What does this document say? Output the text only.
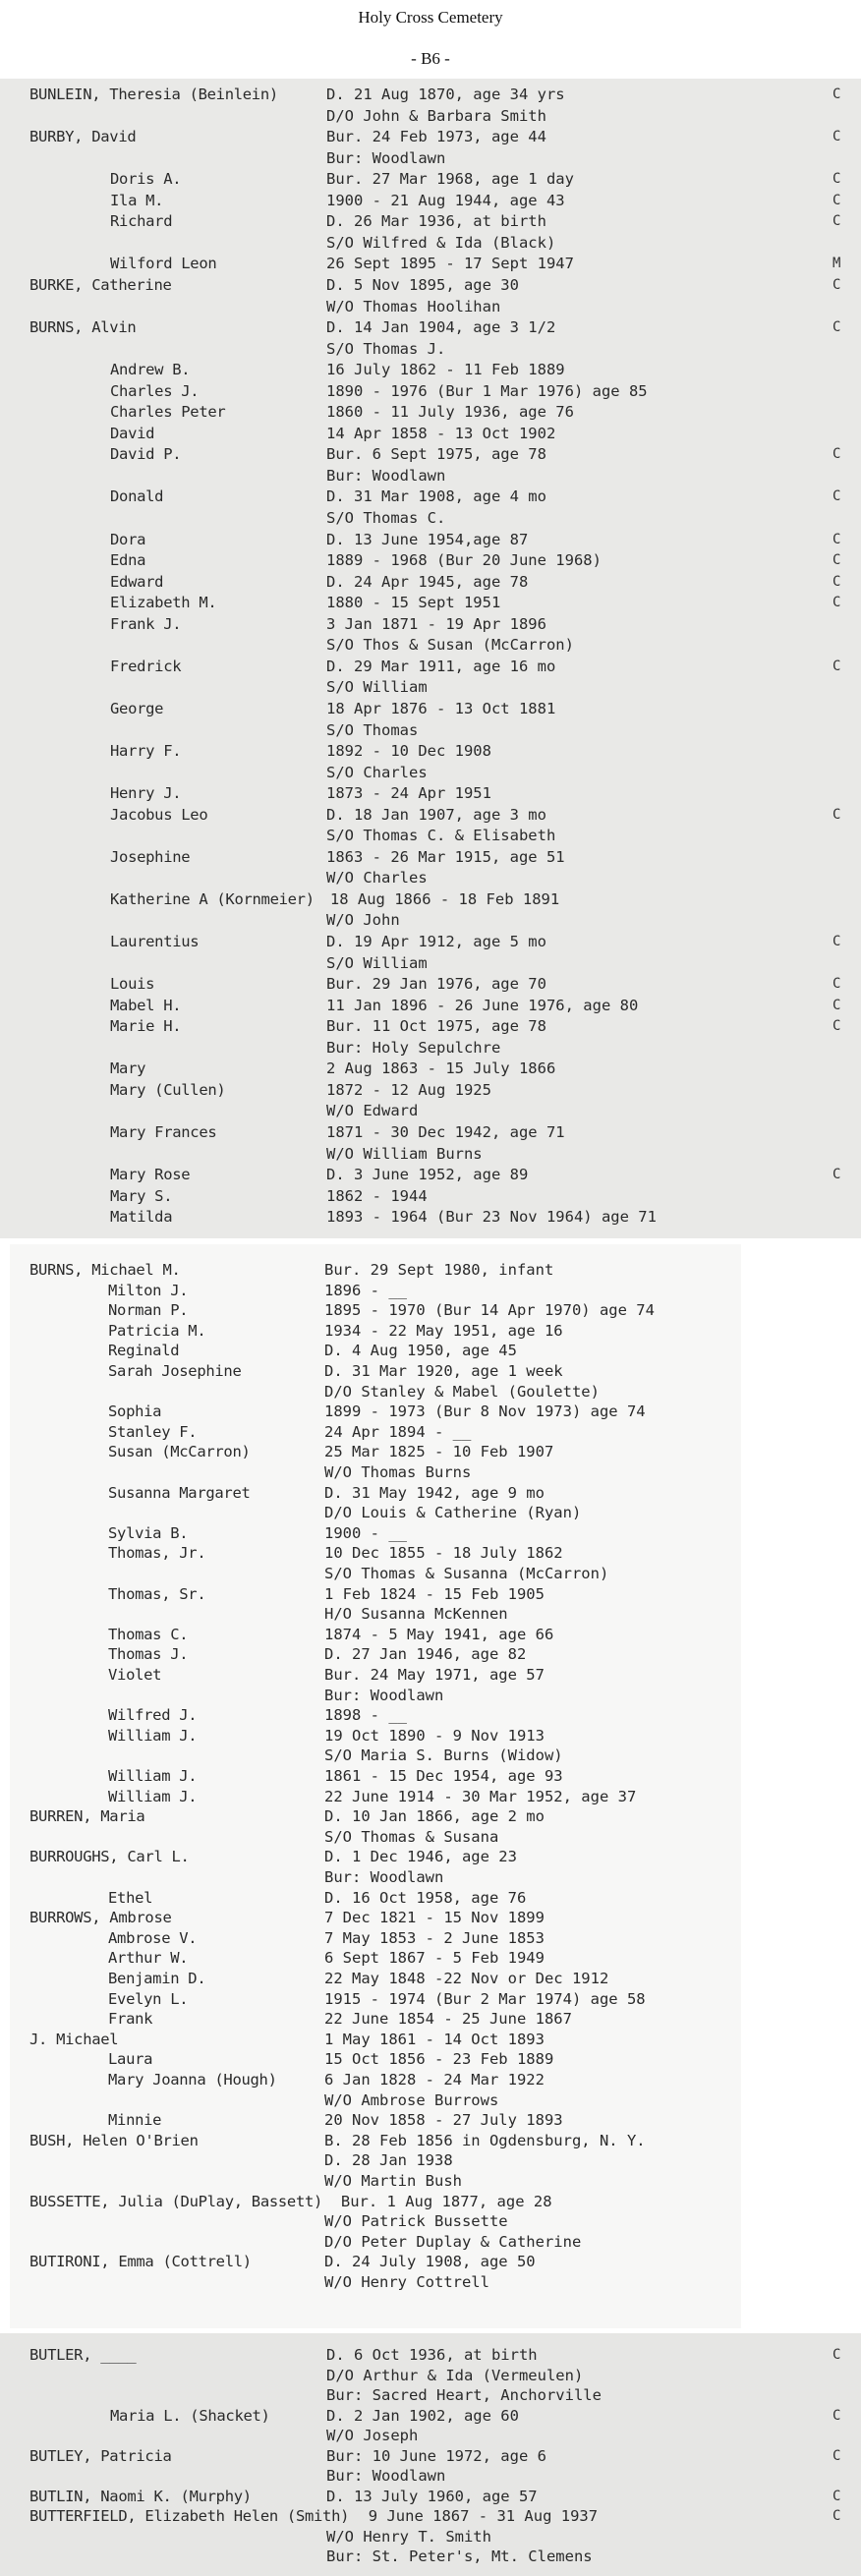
Holy Cross Cemetery
- B6 -
BUNLEIN, Theresia (Beinlein)	D. 21 Aug 1870, age 34 yrs	C
D/O John & Barbara Smith
BURBY, David	Bur. 24 Feb 1973, age 44	C
Bur: Woodlawn
Doris A.	Bur. 27 Mar 1968, age 1 day	C
Ila M.	1900 - 21 Aug 1944, age 43	C
Richard	D. 26 Mar 1936, at birth	C
S/O Wilfred & Ida (Black)
Wilford Leon	26 Sept 1895 - 17 Sept 1947	M
BURKE, Catherine	D. 5 Nov 1895, age 30	C
W/O Thomas Hoolihan
BURNS, Alvin	D. 14 Jan 1904, age 3 1/2	C
S/O Thomas J.
Andrew B.	16 July 1862 - 11 Feb 1889
Charles J.	1890 - 1976 (Bur 1 Mar 1976) age 85
Charles Peter	1860 - 11 July 1936, age 76
David	14 Apr 1858 - 13 Oct 1902
David P.	Bur. 6 Sept 1975, age 78	C
Bur: Woodlawn
Donald	D. 31 Mar 1908, age 4 mo	C
S/O Thomas C.
Dora	D. 13 June 1954,age 87	C
Edna	1889 - 1968 (Bur 20 June 1968)	C
Edward	D. 24 Apr 1945, age 78	C
Elizabeth M.	1880 - 15 Sept 1951	C
Frank J.	3 Jan 1871 - 19 Apr 1896
S/O Thos & Susan (McCarron)
Fredrick	D. 29 Mar 1911, age 16 mo	C
S/O William
George	18 Apr 1876 - 13 Oct 1881
S/O Thomas
Harry F.	1892 - 10 Dec 1908
S/O Charles
Henry J.	1873 - 24 Apr 1951
Jacobus Leo	D. 18 Jan 1907, age 3 mo	C
S/O Thomas C. & Elisabeth
Josephine	1863 - 26 Mar 1915, age 51
W/O Charles
Katherine A (Kornmeier) 18 Aug 1866 - 18 Feb 1891
W/O John
Laurentius	D. 19 Apr 1912, age 5 mo	C
S/O William
Louis	Bur. 29 Jan 1976, age 70	C
Mabel H.	11 Jan 1896 - 26 June 1976, age 80	C
Marie H.	Bur. 11 Oct 1975, age 78	C
Bur: Holy Sepulchre
Mary	2 Aug 1863 - 15 July 1866
Mary (Cullen)	1872 - 12 Aug 1925
W/O Edward
Mary Frances	1871 - 30 Dec 1942, age 71
W/O William Burns
Mary Rose	D. 3 June 1952, age 89	C
Mary S.	1862 - 1944
Matilda	1893 - 1964 (Bur 23 Nov 1964) age 71
BURNS, Michael M.	Bur. 29 Sept 1980, infant
Milton J.	1896 - __
Norman P.	1895 - 1970 (Bur 14 Apr 1970) age 74
Patricia M.	1934 - 22 May 1951, age 16
Reginald	D. 4 Aug 1950, age 45
Sarah Josephine	D. 31 Mar 1920, age 1 week
D/O Stanley & Mabel (Goulette)
Sophia	1899 - 1973 (Bur 8 Nov 1973) age 74
Stanley F.	24 Apr 1894 - __
Susan (McCarron)	25 Mar 1825 - 10 Feb 1907
W/O Thomas Burns
Susanna Margaret	D. 31 May 1942, age 9 mo
D/O Louis & Catherine (Ryan)
Sylvia B.	1900 - __
Thomas, Jr.	10 Dec 1855 - 18 July 1862
S/O Thomas & Susanna (McCarron)
Thomas, Sr.	1 Feb 1824 - 15 Feb 1905
H/O Susanna McKennen
Thomas C.	1874 - 5 May 1941, age 66
Thomas J.	D. 27 Jan 1946, age 82
Violet	Bur. 24 May 1971, age 57
Bur: Woodlawn
Wilfred J.	1898 - __
William J.	19 Oct 1890 - 9 Nov 1913
S/O Maria S. Burns (Widow)
William J.	1861 - 15 Dec 1954, age 93
William J.	22 June 1914 - 30 Mar 1952, age 37
BURREN, Maria	D. 10 Jan 1866, age 2 mo
S/O Thomas & Susana
BURROUGHS, Carl L.	D. 1 Dec 1946, age 23
Bur: Woodlawn
Ethel	D. 16 Oct 1958, age 76
BURROWS, Ambrose	7 Dec 1821 - 15 Nov 1899
Ambrose V.	7 May 1853 - 2 June 1853
Arthur W.	6 Sept 1867 - 5 Feb 1949
Benjamin D.	22 May 1848 -22 Nov or Dec 1912
Evelyn L.	1915 - 1974 (Bur 2 Mar 1974) age 58
Frank	22 June 1854 - 25 June 1867
J. Michael	1 May 1861 - 14 Oct 1893
Laura	15 Oct 1856 - 23 Feb 1889
Mary Joanna (Hough)	6 Jan 1828 - 24 Mar 1922
W/O Ambrose Burrows
Minnie	20 Nov 1858 - 27 July 1893
BUSH, Helen O'Brien	B. 28 Feb 1856 in Ogdensburg, N. Y.
D. 28 Jan 1938
W/O Martin Bush
BUSSETTE, Julia (DuPlay, Bassett) Bur. 1 Aug 1877, age 28
W/O Patrick Bussette
D/O Peter Duplay & Catherine
BUTIRONI, Emma (Cottrell)	D. 24 July 1908, age 50
W/O Henry Cottrell
BUTLER, ____	D. 6 Oct 1936, at birth	C
D/O Arthur & Ida (Vermeulen)
Bur: Sacred Heart, Anchorville
Maria L. (Shacket)	D. 2 Jan 1902, age 60	C
W/O Joseph
BUTLEY, Patricia	Bur: 10 June 1972, age 6	C
Bur: Woodlawn
BUTLIN, Naomi K. (Murphy)	D. 13 July 1960, age 57	C
BUTTERFIELD, Elizabeth Helen (Smith) 9 June 1867 - 31 Aug 1937	C
W/O Henry T. Smith
Bur: St. Peter's, Mt. Clemens
